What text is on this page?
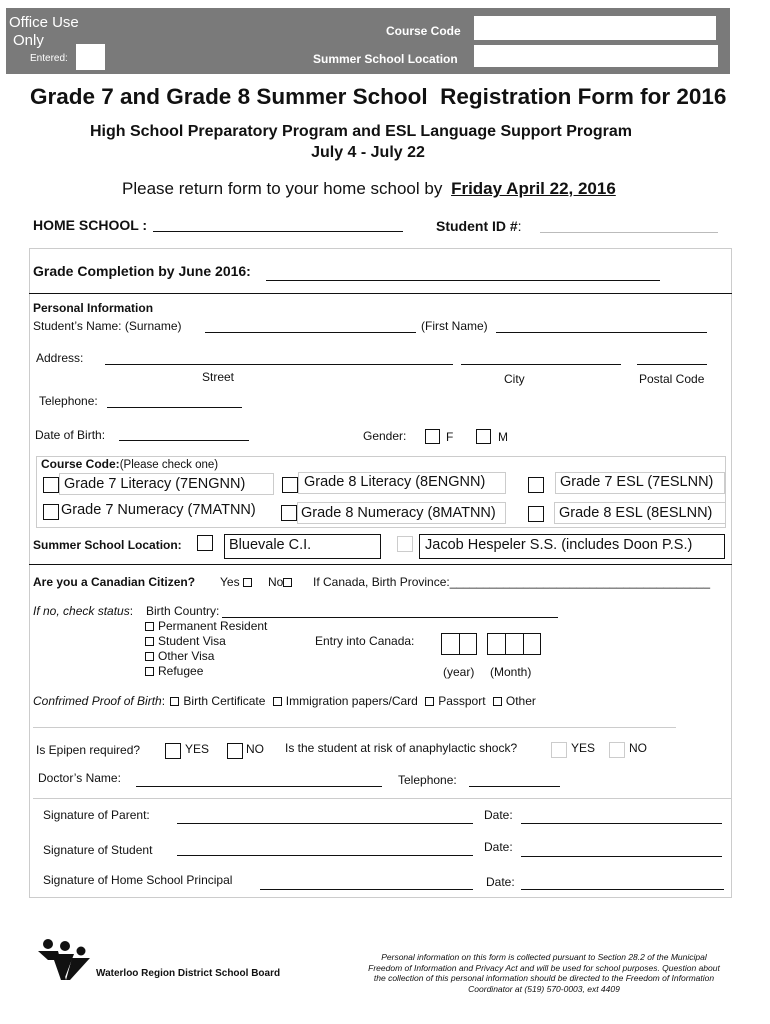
Office Use
Only
Entered:
Course Code
Summer School Location
Grade 7 and Grade 8 Summer School  Registration Form for 2016
High School Preparatory Program and ESL Language Support Program
July 4 - July 22
Please return form to your home school by Friday April 22, 2016
HOME SCHOOL :	Student ID #:
Grade Completion by June 2016:
Personal Information
Student’s Name: (Surname)	(First Name)
Address:
Street	City	Postal Code
Telephone:
Date of Birth:	Gender:	F	M
Course Code:(Please check one)
Grade 7 Literacy (7ENGNN)	Grade 8 Literacy (8ENGNN)	Grade 7 ESL (7ESLNN)
Grade 7 Numeracy (7MATNN)	Grade 8 Numeracy (8MATNN)	Grade 8 ESL (8ESLNN)
Summer School Location:	Bluevale C.I.	Jacob Hespeler S.S. (includes Doon P.S.)
Are you a Canadian Citizen? Yes	No	If Canada, Birth Province:_______________________________________
If no, check status: Birth Country:
Permanent Resident
Student Visa
Other Visa
Refugee
Entry into Canada:
(year) (Month)
Confrimed Proof of Birth: Birth Certificate Immigration papers/Card Passport Other
Is Epipen required?	YES	NO Is the student at risk of anaphylactic shock?	YES	NO
Doctor’s Name:	Telephone:
Signature of Parent:	Date:
Signature of Student	Date:
Signature of Home School Principal	Date:
Waterloo Region District School Board
Personal information on this form is collected pursuant to Section 28.2 of the Municipal
Freedom of Information and Privacy Act and will be used for school purposes. Question about
the collection of this personal information should be directed to the Freedom of Information
Coordinator at (519) 570-0003, ext 4409
